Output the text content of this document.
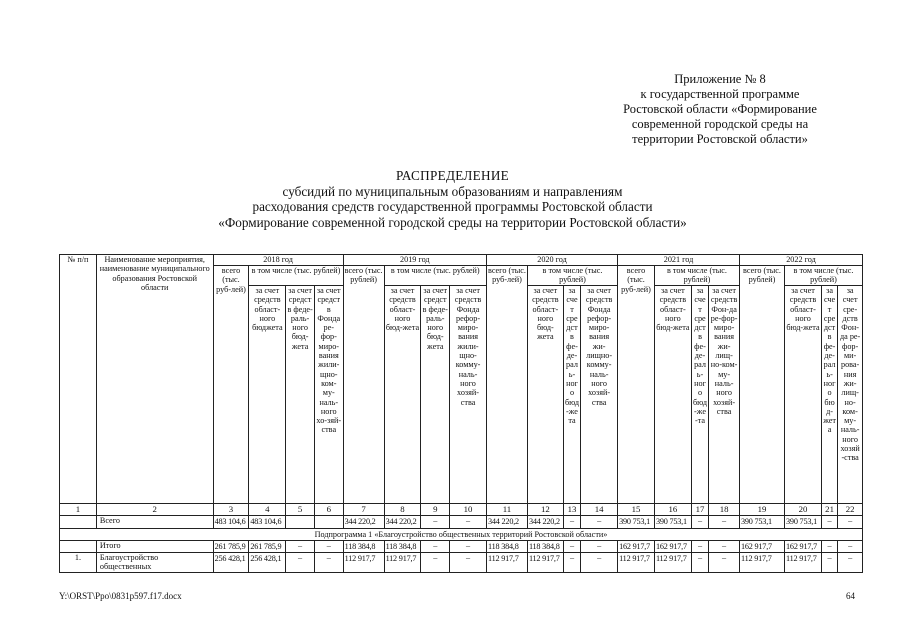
Приложение № 8
к государственной программе
Ростовской области «Формирование
современной городской среды на
территории Ростовской области»
РАСПРЕДЕЛЕНИЕ
субсидий по муниципальным образованиям и направлениям
расходования средств государственной программы Ростовской области
«Формирование современной городской среды на территории Ростовской области»
№ п/п	Наименование мероприятия, наименование муниципального образования Ростовской области	2018 год				2019 год				2020 год				2021 год				2022 год			
		всего (тыс. руб-лей)	в том числе (тыс. рублей)			всего (тыс. рублей)	в том числе (тыс. рублей)			всего (тыс. руб-лей)	в том числе (тыс. рублей)			всего (тыс. руб-лей)	в том числе (тыс. рублей)			всего (тыс. рублей)	в том числе (тыс. рублей)		
			за счет средств област-ного бюджета	за счет средств феде-раль-ного бюд-жета	за счет средств Фонда ре-фор-миро-вания жили-щно-ком-му-наль-ного хо-зяй-ства		за счет средств област-ного бюд-жета	за счет средств феде-раль-ного бюд-жета	за счет средств Фонда рефор-миро-вания жили-щно-комму-наль-ного хозяй-ства		за счет средств област-ного бюд-жета	за счет средств фе-де-раль-ного бюд-жета	за счет средств Фонда рефор-миро-вания жи-лищно-комму-наль-ного хозяй-ства		за счет средств област-ного бюд-жета	за счет средств фе-де-раль-ного бюд-же-та	за счет средств Фон-да ре-фор-миро-вания жи-лищ-но-ком-му-наль-ного хозяй-ства		за счет средств област-ного бюд-жета	за счет средств фе-де-раль-ного бюд-жета	за счет сре-дств Фон-да ре-фор-ми-рова-ния жи-лищ-но-ком-му-наль-ного хозяй-ства
1	2	3	4	5	6	7	8	9	10	11	12	13	14	15	16	17	18	19	20	21	22
	Всего	483 104,6	483 104,6			344 220,2	344 220,2	–	–	344 220,2	344 220,2	–	–	390 753,1	390 753,1	–	–	390 753,1	390 753,1	–	–
Подпрограмма 1 «Благоустройство общественных территорий Ростовской области»																					
	Итого	261 785,9	261 785,9	–	–	118 384,8	118 384,8	–	–	118 384,8	118 384,8	–	–	162 917,7	162 917,7	–	–	162 917,7	162 917,7	–	–
1.	Благоустройство общественных	256 428,1	256 428,1	–	–	112 917,7	112 917,7	–	–	112 917,7	112 917,7	–	–	112 917,7	112 917,7	–	–	112 917,7	112 917,7	–	–
Y:\ORST\Ppo\0831p597.f17.docx	64
